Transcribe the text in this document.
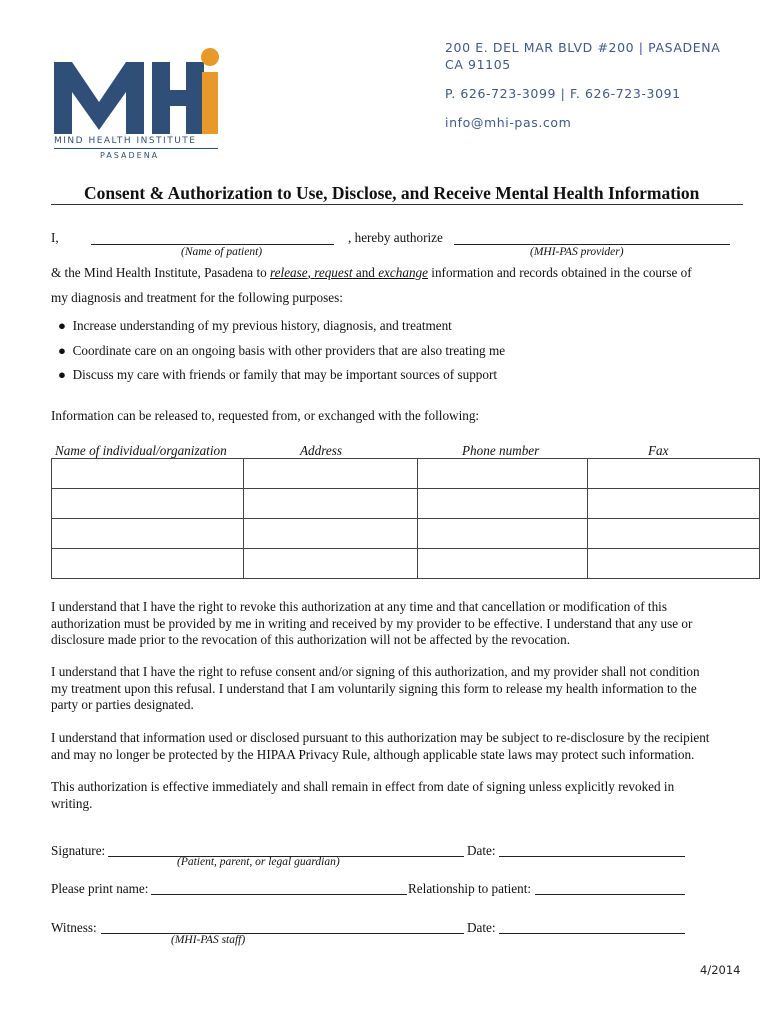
MIND HEALTH INSTITUTE
PASADENA
200 E. DEL MAR BLVD #200 | PASADENA
CA 91105
P. 626-723-3099 | F. 626-723-3091
info@mhi-pas.com
Consent & Authorization to Use, Disclose, and Receive Mental Health Information
I,	, hereby authorize
(Name of patient)	(MHI-PAS provider)
& the Mind Health Institute, Pasadena to release, request and exchange information and records obtained in the course of
my diagnosis and treatment for the following purposes:
● Increase understanding of my previous history, diagnosis, and treatment
● Coordinate care on an ongoing basis with other providers that are also treating me
● Discuss my care with friends or family that may be important sources of support
Information can be released to, requested from, or exchanged with the following:
Name of individual/organization	Address	Phone number	Fax

I understand that I have the right to revoke this authorization at any time and that cancellation or modification of this
authorization must be provided by me in writing and received by my provider to be effective. I understand that any use or
disclosure made prior to the revocation of this authorization will not be affected by the revocation.
I understand that I have the right to refuse consent and/or signing of this authorization, and my provider shall not condition
my treatment upon this refusal. I understand that I am voluntarily signing this form to release my health information to the
party or parties designated.
I understand that information used or disclosed pursuant to this authorization may be subject to re-disclosure by the recipient
and may no longer be protected by the HIPAA Privacy Rule, although applicable state laws may protect such information.
This authorization is effective immediately and shall remain in effect from date of signing unless explicitly revoked in
writing.
Signature:	Date:
(Patient, parent, or legal guardian)
Please print name:	Relationship to patient:
Witness:	Date:
(MHI-PAS staff)
4/2014
